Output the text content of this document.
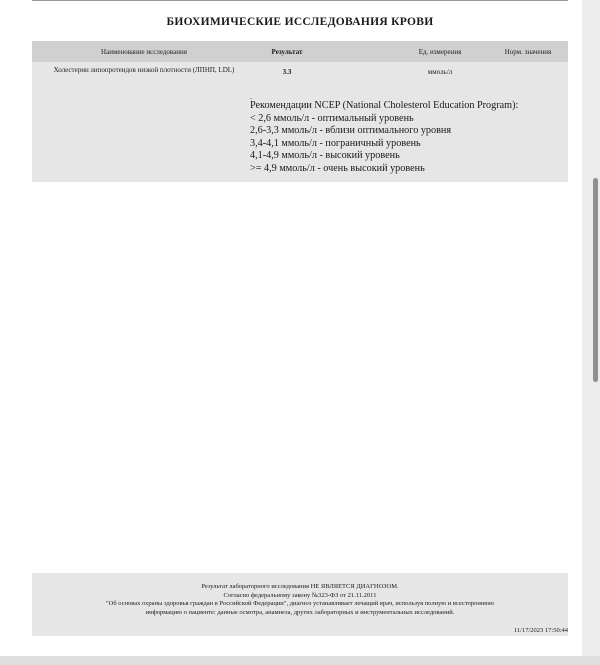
БИОХИМИЧЕСКИЕ ИССЛЕДОВАНИЯ КРОВИ
Наименование исследования	Результат	Ед. измерения	Норм. значения
Холестерин липопротеидов низкой плотности (ЛПНП, LDL)	3.3	ммоль/л
.
Рекомендации NCEP (National Cholesterol Education Program):
< 2,6 ммоль/л - оптимальный уровень
2,6-3,3 ммоль/л - вблизи оптимального уровня
3,4-4,1 ммоль/л - пограничный уровень
4,1-4,9 ммоль/л - высокий уровень
>= 4,9 ммоль/л - очень высокий уровень
Результат лабораторного исследования НЕ ЯВЛЯЕТСЯ ДИАГНОЗОМ.
Согласно федеральному закону №323-ФЗ от 21.11.2011
"Об основах охраны здоровья граждан в Российской Федерации", диагноз устанавливает лечащий врач, используя полную и всестороннюю
информацию о пациенте: данные осмотра, анамнеза, других лабораторных и инструментальных исследований.
11/17/2023 17:50:44
